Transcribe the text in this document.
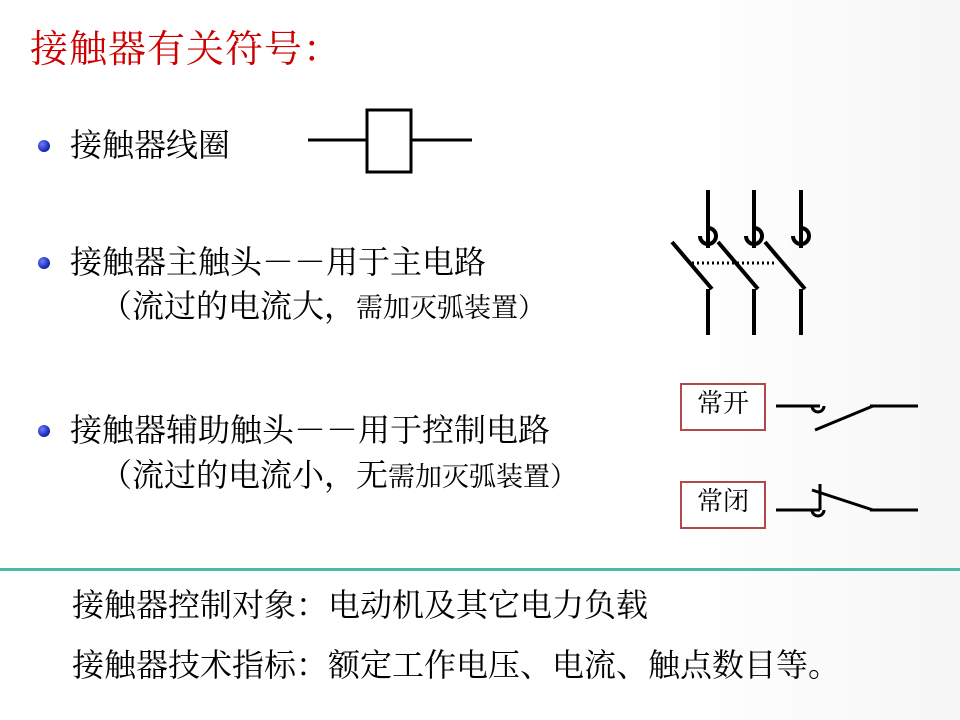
接触器有关符号：
接触器线圈
接触器主触头－－用于主电路
（流过的电流大，需加灭弧装置）
接触器辅助触头－－用于控制电路
（流过的电流小，无需加灭弧装置）
常开
常闭
接触器控制对象：电动机及其它电力负载
接触器技术指标：额定工作电压、电流、触点数目等。
